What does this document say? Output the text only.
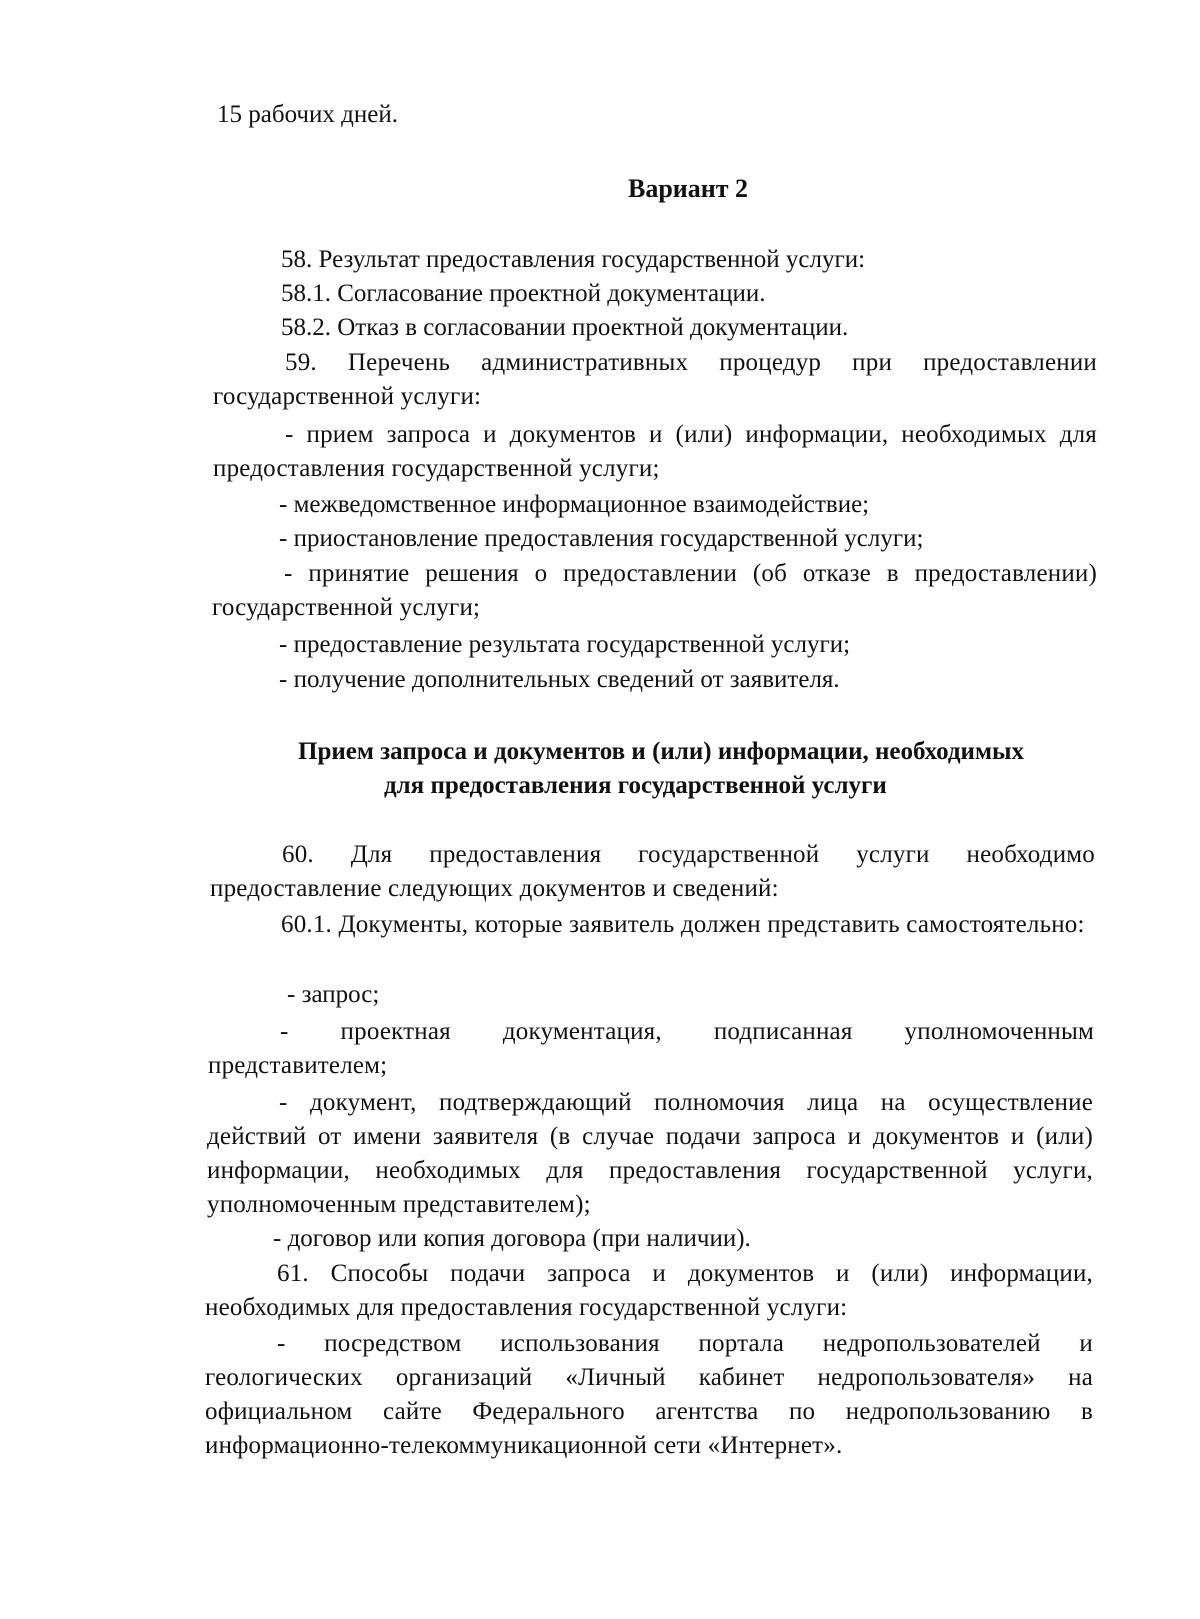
15 рабочих дней.
Вариант 2
58. Результат предоставления государственной услуги:
58.1. Согласование проектной документации.
58.2. Отказ в согласовании проектной документации.
59. Перечень административных процедур при предоставлении государственной услуги:
- прием запроса и документов и (или) информации, необходимых для предоставления государственной услуги;
- межведомственное информационное взаимодействие;
- приостановление предоставления государственной услуги;
- принятие решения о предоставлении (об отказе в предоставлении) государственной услуги;
- предоставление результата государственной услуги;
- получение дополнительных сведений от заявителя.
Прием запроса и документов и (или) информации, необходимых
для предоставления государственной услуги
60. Для предоставления государственной услуги необходимо предоставление следующих документов и сведений:
60.1. Документы, которые заявитель должен представить самостоятельно:
- запрос;
- проектная документация, подписанная уполномоченным представителем;
- документ, подтверждающий полномочия лица на осуществление действий от имени заявителя (в случае подачи запроса и документов и (или) информации, необходимых для предоставления государственной услуги, уполномоченным представителем);
- договор или копия договора (при наличии).
61. Способы подачи запроса и документов и (или) информации, необходимых для предоставления государственной услуги:
- посредством использования портала недропользователей и геологических организаций «Личный кабинет недропользователя» на официальном сайте Федерального агентства по недропользованию в информационно-телекоммуникационной сети «Интернет».
